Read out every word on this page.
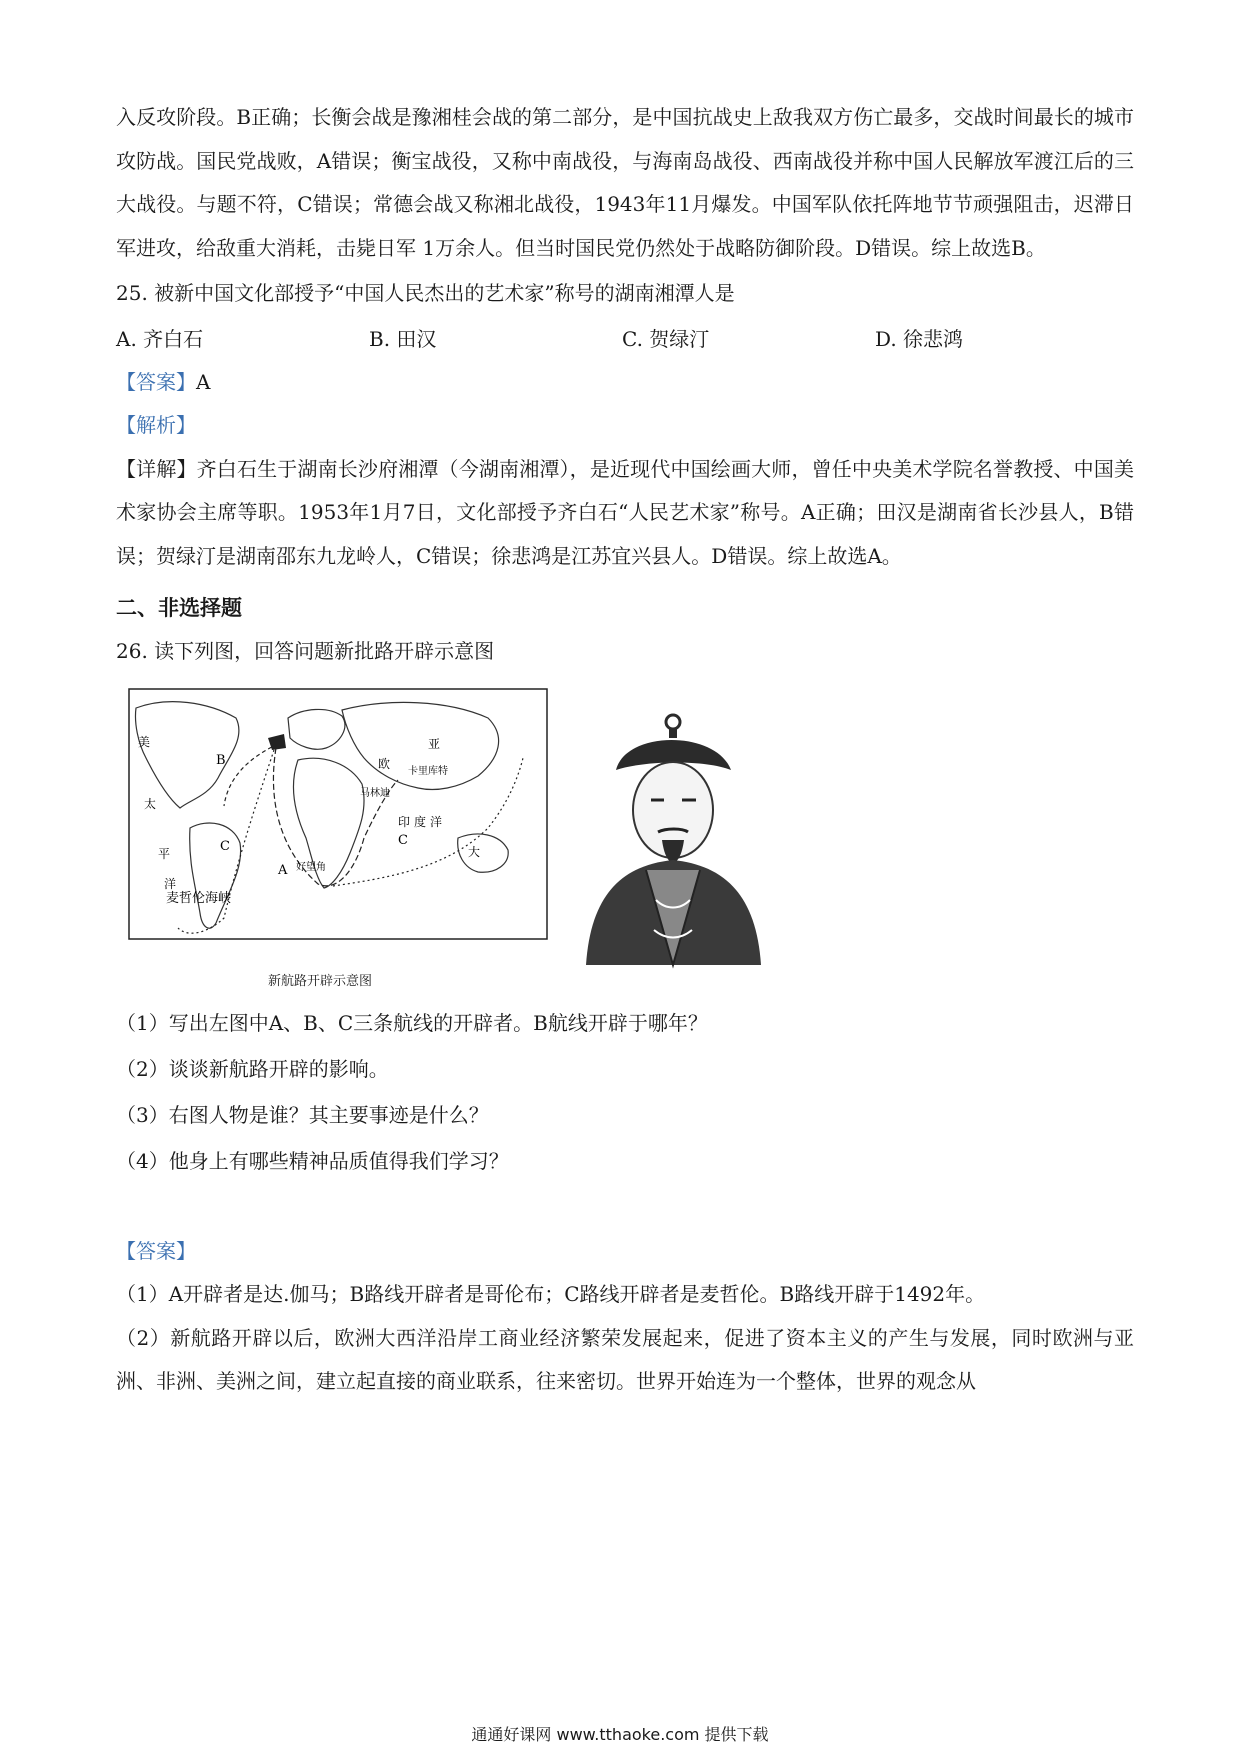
入反攻阶段。B正确；长衡会战是豫湘桂会战的第二部分，是中国抗战史上敌我双方伤亡最多，交战时间最长的城市攻防战。国民党战败，A错误；衡宝战役，又称中南战役，与海南岛战役、西南战役并称中国人民解放军渡江后的三大战役。与题不符，C错误；常德会战又称湘北战役，1943年11月爆发。中国军队依托阵地节节顽强阻击，迟滞日军进攻，给敌重大消耗，击毙日军 1万余人。但当时国民党仍然处于战略防御阶段。D错误。综上故选B。

25. 被新中国文化部授予“中国人民杰出的艺术家”称号的湖南湘潭人是

A. 齐白石	B. 田汉	C. 贺绿汀	D. 徐悲鸿

【答案】A

【解析】

【详解】齐白石生于湖南长沙府湘潭（今湖南湘潭），是近现代中国绘画大师，曾任中央美术学院名誉教授、中国美术家协会主席等职。1953年1月7日，文化部授予齐白石“人民艺术家”称号。A正确；田汉是湖南省长沙县人，B错误；贺绿汀是湖南邵东九龙岭人，C错误；徐悲鸿是江苏宜兴县人。D错误。综上故选A。

二、非选择题

26. 读下列图，回答问题新批路开辟示意图

麦哲伦海峡
好望角
马林迪
卡里库特
A
B
C	C
欧
亚
印 度 洋
大
美
太
平
洋
新航路开辟示意图

（1）写出左图中A、B、C三条航线的开辟者。B航线开辟于哪年？

（2）谈谈新航路开辟的影响。

（3）右图人物是谁？其主要事迹是什么？

（4）他身上有哪些精神品质值得我们学习？

【答案】

（1）A开辟者是达.伽马；B路线开辟者是哥伦布；C路线开辟者是麦哲伦。B路线开辟于1492年。

（2）新航路开辟以后，欧洲大西洋沿岸工商业经济繁荣发展起来，促进了资本主义的产生与发展，同时欧洲与亚洲、非洲、美洲之间，建立起直接的商业联系，往来密切。世界开始连为一个整体，世界的观念从

通通好课网 www.tthaoke.com 提供下载
